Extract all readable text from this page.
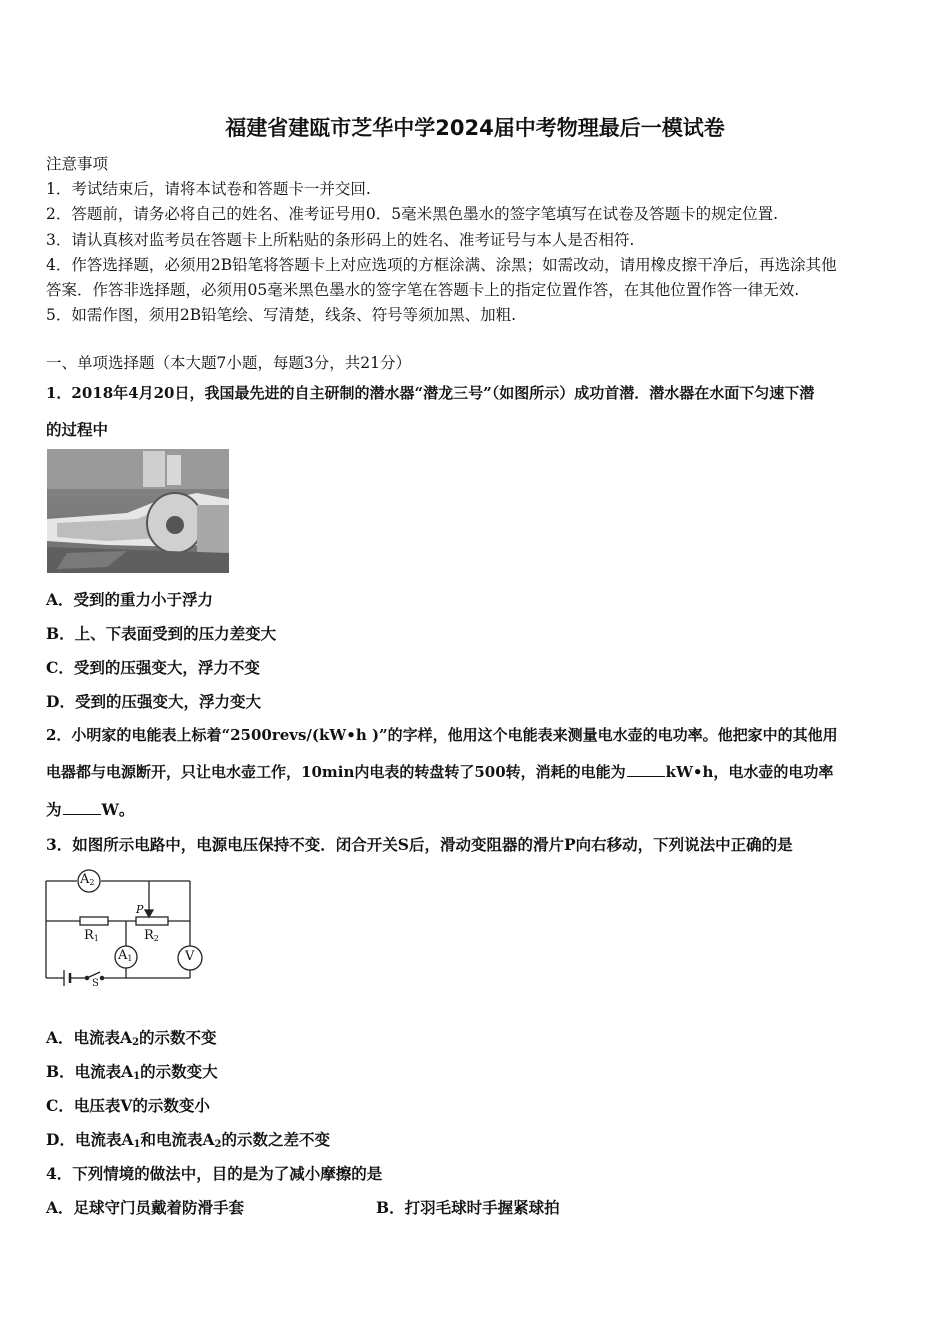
福建省建瓯市芝华中学2024届中考物理最后一模试卷
注意事项
1．考试结束后，请将本试卷和答题卡一并交回.
2．答题前，请务必将自己的姓名、准考证号用0．5毫米黑色墨水的签字笔填写在试卷及答题卡的规定位置.
3．请认真核对监考员在答题卡上所粘贴的条形码上的姓名、准考证号与本人是否相符.
4．作答选择题，必须用2B铅笔将答题卡上对应选项的方框涂满、涂黑；如需改动，请用橡皮擦干净后，再选涂其他
答案．作答非选择题，必须用05毫米黑色墨水的签字笔在答题卡上的指定位置作答，在其他位置作答一律无效.
5．如需作图，须用2B铅笔绘、写清楚，线条、符号等须加黑、加粗.
一、单项选择题（本大题7小题，每题3分，共21分）
1．2018年4月20日，我国最先进的自主研制的潜水器“潜龙三号”（如图所示）成功首潜．潜水器在水面下匀速下潜
的过程中
A．受到的重力小于浮力
B．上、下表面受到的压力差变大
C．受到的压强变大，浮力不变
D．受到的压强变大，浮力变大
2．小明家的电能表上标着“2500revs/(kW•h )”的字样，他用这个电能表来测量电水壶的电功率。他把家中的其他用
电器都与电源断开，只让电水壶工作，10min内电表的转盘转了500转，消耗的电能为	kW•h，电水壶的电功率
为	W。
3．如图所示电路中，电源电压保持不变．闭合开关S后，滑动变阻器的滑片P向右移动，下列说法中正确的是
$A_2$
$A_1$	V
$R_1$	$R_2$
P
S
A．电流表$A_2$的示数不变
B．电流表$A_1$的示数变大
C．电压表V的示数变小
D．电流表$A_1$和电流表$A_2$的示数之差不变
4．下列情境的做法中，目的是为了减小摩擦的是
A．足球守门员戴着防滑手套	B．打羽毛球时手握紧球拍
